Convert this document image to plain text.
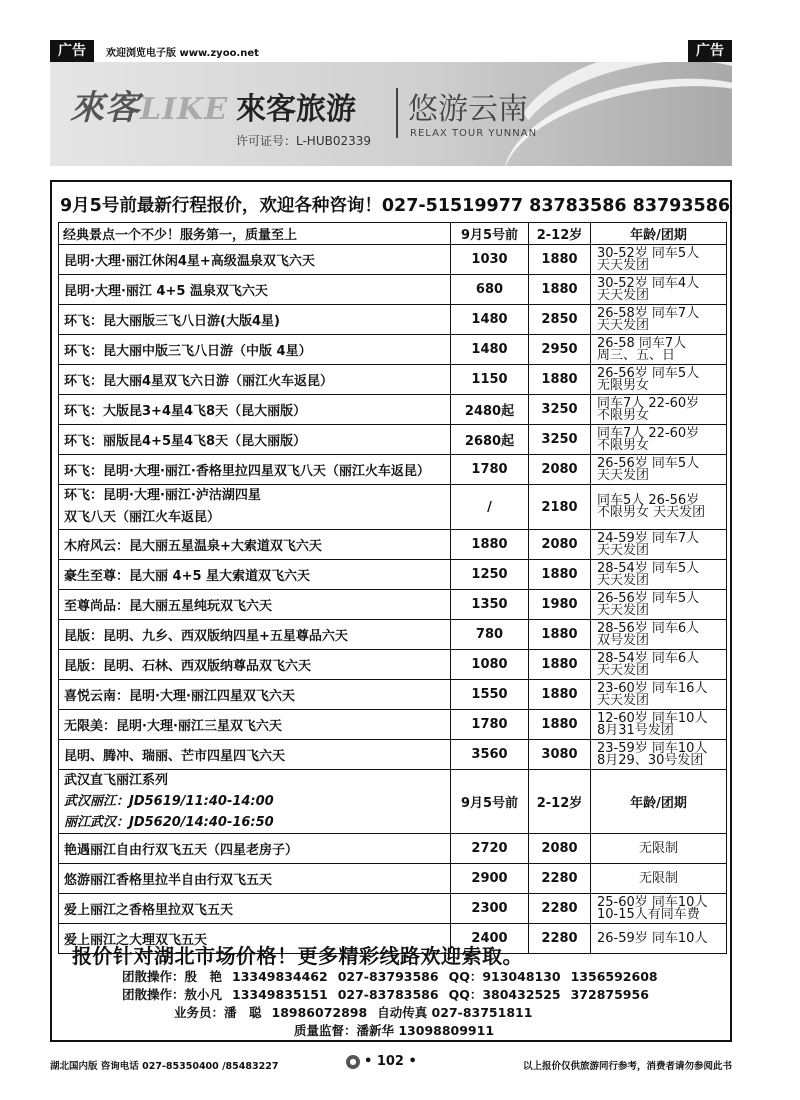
广告	欢迎浏览电子版 www.zyoo.net	广告
來客LIKE 來客旅游
许可证号：L-HUB02339
悠游云南
RELAX TOUR YUNNAN
9月5号前最新行程报价，欢迎各种咨询！027-51519977 83783586 83793586
经典景点一个不少！服务第一，质量至上	9月5号前	2-12岁	年龄/团期
昆明·大理·丽江休闲4星+高级温泉双飞六天	1030	1880	30-52岁 同车5人
天天发团
昆明·大理·丽江 4+5 温泉双飞六天	680	1880	30-52岁 同车4人
天天发团
环飞：昆大丽版三飞八日游(大版4星)	1480	2850	26-58岁 同车7人
天天发团
环飞：昆大丽中版三飞八日游（中版 4星）	1480	2950	26-58 同车7人
周三、五、日
环飞：昆大丽4星双飞六日游（丽江火车返昆）	1150	1880	26-56岁 同车5人
无限男女
环飞：大版昆3+4星4飞8天（昆大丽版）	2480起	3250	同车7人 22-60岁
不限男女
环飞：丽版昆4+5星4飞8天（昆大丽版）	2680起	3250	同车7人 22-60岁
不限男女
环飞：昆明·大理·丽江·香格里拉四星双飞八天（丽江火车返昆）	1780	2080	26-56岁 同车5人
天天发团
环飞：昆明·大理·丽江·泸沽湖四星
双飞八天（丽江火车返昆）	/	2180	同车5人 26-56岁
不限男女 天天发团
木府风云：昆大丽五星温泉+大索道双飞六天	1880	2080	24-59岁 同车7人
天天发团
豪生至尊：昆大丽 4+5 星大索道双飞六天	1250	1880	28-54岁 同车5人
天天发团
至尊尚品：昆大丽五星纯玩双飞六天	1350	1980	26-56岁 同车5人
天天发团
昆版：昆明、九乡、西双版纳四星+五星尊品六天	780	1880	28-56岁 同车6人
双号发团
昆版：昆明、石林、西双版纳尊品双飞六天	1080	1880	28-54岁 同车6人
天天发团
喜悦云南：昆明·大理·丽江四星双飞六天	1550	1880	23-60岁 同车16人
天天发团
无限美：昆明·大理·丽江三星双飞六天	1780	1880	12-60岁 同车10人
8月31号发团
昆明、腾冲、瑞丽、芒市四星四飞六天	3560	3080	23-59岁 同车10人
8月29、30号发团

武汉直飞丽江系列
武汉丽江：JD5619/11:40-14:00
丽江武汉：JD5620/14:40-16:50	9月5号前	2-12岁	年龄/团期
艳遇丽江自由行双飞五天（四星老房子）	2720	2080	无限制
悠游丽江香格里拉半自由行双飞五天	2900	2280	无限制
爱上丽江之香格里拉双飞五天	2300	2280	25-60岁 同车10人
10-15人有同车费
爱上丽江之大理双飞五天	2400	2280	26-59岁 同车10人
报价针对湖北市场价格！更多精彩线路欢迎索取。
团散操作：殷　艳 13349834462 027-83793586 QQ：913048130 1356592608
团散操作：敖小凡 13349835151 027-83783586 QQ：380432525 372875956
业务员：潘　聪 18986072898 自动传真 027-83751811
质量监督：潘新华 13098809911
湖北国内版 咨询电话 027-85350400 /85483227	● • 102 •	以上报价仅供旅游同行参考，消费者请勿参阅此书
